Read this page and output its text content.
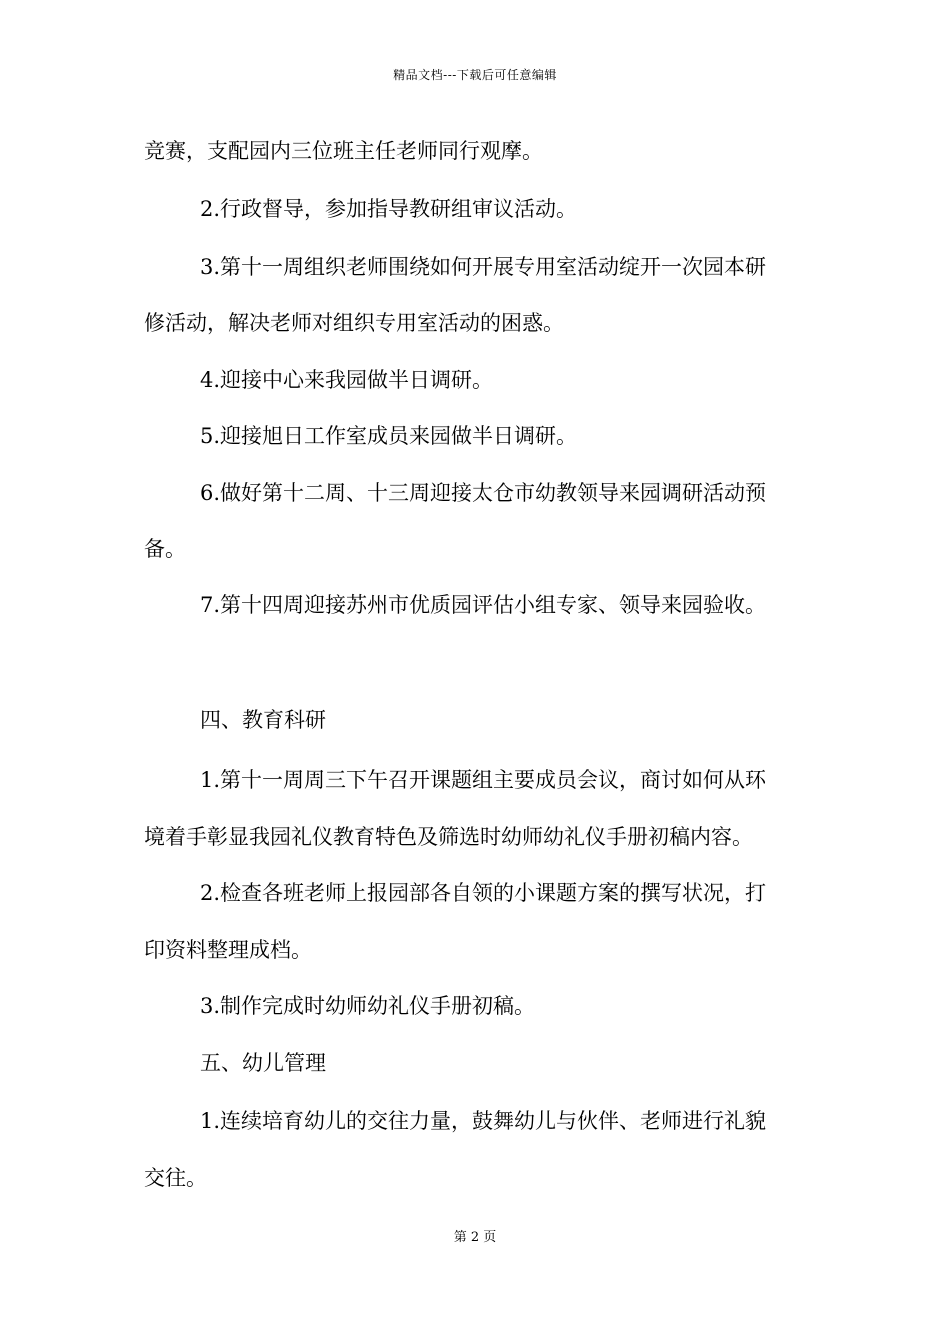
精品文档---下载后可任意编辑
竞赛，支配园内三位班主任老师同行观摩。
2.行政督导，参加指导教研组审议活动。
3.第十一周组织老师围绕如何开展专用室活动绽开一次园本研
修活动，解决老师对组织专用室活动的困惑。
4.迎接中心来我园做半日调研。
5.迎接旭日工作室成员来园做半日调研。
6.做好第十二周、十三周迎接太仓市幼教领导来园调研活动预
备。
7.第十四周迎接苏州市优质园评估小组专家、领导来园验收。
四、教育科研
1.第十一周周三下午召开课题组主要成员会议，商讨如何从环
境着手彰显我园礼仪教育特色及筛选时幼师幼礼仪手册初稿内容。
2.检查各班老师上报园部各自领的小课题方案的撰写状况，打
印资料整理成档。
3.制作完成时幼师幼礼仪手册初稿。
五、幼儿管理
1.连续培育幼儿的交往力量，鼓舞幼儿与伙伴、老师进行礼貌
交往。
第 2 页
